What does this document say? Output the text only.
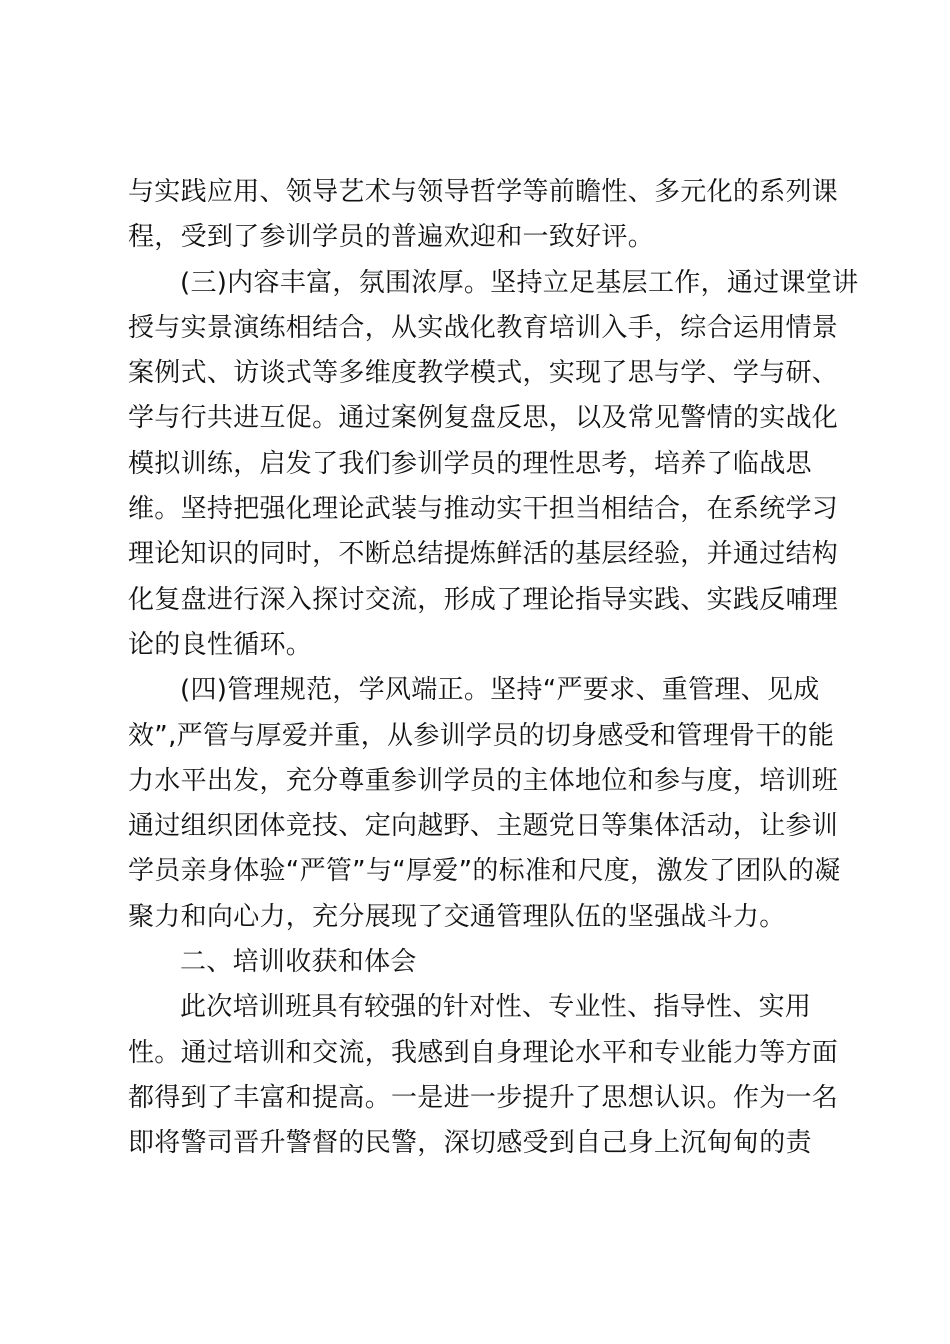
与实践应用、领导艺术与领导哲学等前瞻性、多元化的系列课
程，受到了参训学员的普遍欢迎和一致好评。
(三)内容丰富，氛围浓厚。坚持立足基层工作，通过课堂讲
授与实景演练相结合，从实战化教育培训入手，综合运用情景
案例式、访谈式等多维度教学模式，实现了思与学、学与研、
学与行共进互促。通过案例复盘反思，以及常见警情的实战化
模拟训练，启发了我们参训学员的理性思考，培养了临战思
维。坚持把强化理论武装与推动实干担当相结合，在系统学习
理论知识的同时，不断总结提炼鲜活的基层经验，并通过结构
化复盘进行深入探讨交流，形成了理论指导实践、实践反哺理
论的良性循环。
(四)管理规范，学风端正。坚持“严要求、重管理、见成
效”,严管与厚爱并重，从参训学员的切身感受和管理骨干的能
力水平出发，充分尊重参训学员的主体地位和参与度，培训班
通过组织团体竞技、定向越野、主题党日等集体活动，让参训
学员亲身体验“严管”与“厚爱”的标准和尺度，激发了团队的凝
聚力和向心力，充分展现了交通管理队伍的坚强战斗力。
二、培训收获和体会
此次培训班具有较强的针对性、专业性、指导性、实用
性。通过培训和交流，我感到自身理论水平和专业能力等方面
都得到了丰富和提高。一是进一步提升了思想认识。作为一名
即将警司晋升警督的民警，深切感受到自己身上沉甸甸的责
